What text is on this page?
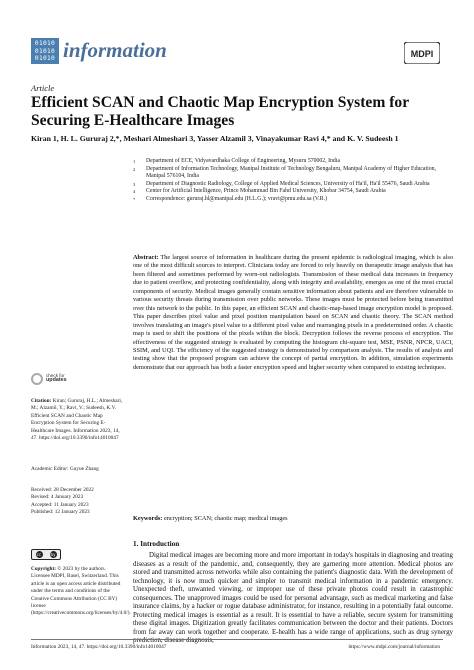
01010
01010
01010 information	MDPI
Article
Efficient SCAN and Chaotic Map Encryption System for Securing E-Healthcare Images
Kiran 1, H. L. Gururaj 2,*, Meshari Almeshari 3, Yasser Alzamil 3, Vinayakumar Ravi 4,* and K. V. Sudeesh 1
1	Department of ECE, Vidyavardhaka College of Engineering, Mysuru 570002, India
2	Department of Information Technology, Manipal Institute of Technology Bengaluru, Manipal Academy of Higher Education, Manipal 576104, India
3	Department of Diagnostic Radiology, College of Applied Medical Sciences, University of Ha'il, Ha'il 55476, Saudi Arabia
4	Center for Artificial Intelligence, Prince Mohammad Bin Fahd University, Khobar 34754, Saudi Arabia
*	Correspondence: gururaj.hl@manipal.edu (H.L.G.); vravi@pmu.edu.sa (V.R.)
Abstract: The largest source of information in healthcare during the present epidemic is radiological imaging, which is also one of the most difficult sources to interpret. Clinicians today are forced to rely heavily on therapeutic image analysis that has been filtered and sometimes performed by worn-out radiologists. Transmission of these medical data increases in frequency due to patient overflow, and protecting confidentiality, along with integrity and availability, emerges as one of the most crucial components of security. Medical images generally contain sensitive information about patients and are therefore vulnerable to various security threats during transmission over public networks. These images must be protected before being transmitted over this network to the public. In this paper, an efficient SCAN and chaotic-map-based image encryption model is proposed. This paper describes pixel value and pixel position manipulation based on SCAN and chaotic theory. The SCAN method involves translating an image's pixel value to a different pixel value and rearranging pixels in a predetermined order. A chaotic map is used to shift the positions of the pixels within the block. Decryption follows the reverse process of encryption. The effectiveness of the suggested strategy is evaluated by computing the histogram chi-square test, MSE, PSNR, NPCR, UACI, SSIM, and UQI. The efficiency of the suggested strategy is demonstrated by comparison analysis. The results of analysis and testing show that the proposed program can achieve the concept of partial encryption. In addition, simulation experiments demonstrate that our approach has both a faster encryption speed and higher security when compared to existing techniques.
Keywords: encryption; SCAN; chaotic map; medical images
check for
updates
Citation: Kiran; Gururaj, H.L.; Almeshari, M.; Alzamil, Y.; Ravi, V.; Sudeesh, K.V. Efficient SCAN and Chaotic Map Encryption System for Securing E-Healthcare Images. Information 2023, 14, 47. https://doi.org/10.3390/info14010047
Academic Editor: Guyue Zhang
Received: 28 December 2022
Revised: 4 January 2023
Accepted: 11 January 2023
Published: 12 January 2023
cc	by
Copyright: © 2023 by the authors. Licensee MDPI, Basel, Switzerland. This article is an open access article distributed under the terms and conditions of the Creative Commons Attribution (CC BY) license (https://creativecommons.org/licenses/by/4.0/).
1. Introduction
Digital medical images are becoming more and more important in today's hospitals in diagnosing and treating diseases as a result of the pandemic, and, consequently, they are garnering more attention. Medical photos are stored and transmitted across networks while also containing the patient's diagnostic data. With the development of technology, it is now much quicker and simpler to transmit medical information in a pandemic emergency. Unexpected theft, unwanted viewing, or improper use of these private photos could result in catastrophic consequences. The unapproved images could be used for personal advantage, such as medical marketing and false insurance claims, by a hacker or rogue database administrator, for instance, resulting in a potentially fatal outcome. Protecting medical images is essential as a result. It is essential to have a reliable, secure system for transmitting these digital images. Digitization greatly facilitates communication between the doctor and their patients. Doctors from far away can work together and cooperate. E-health has a wide range of applications, such as drug synergy prediction, disease diagnosis,
Information 2023, 14, 47. https://doi.org/10.3390/info14010047	https://www.mdpi.com/journal/information
